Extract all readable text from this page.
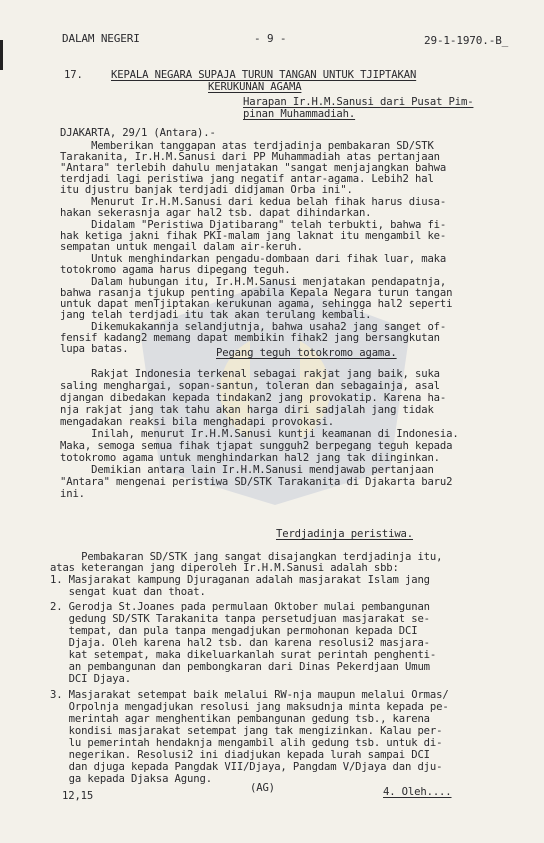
DALAM NEGERI	- 9 -	29-1-1970.-B_
17.	KEPALA NEGARA SUPAJA TURUN TANGAN UNTUK TJIPTAKAN
KERUKUNAN AGAMA
Harapan Ir.H.M.Sanusi dari Pusat Pim-
pinan Muhammadiah.
DJAKARTA, 29/1 (Antara).-
Memberikan tanggapan atas terdjadinja pembakaran SD/STK
Tarakanita, Ir.H.M.Sanusi dari PP Muhammadiah atas pertanjaan
"Antara" terlebih dahulu menjatakan "sangat menjajangkan bahwa
terdjadi lagi peristiwa jang negatif antar-agama. Lebih2 hal
itu djustru banjak terdjadi didjaman Orba ini".
Menurut Ir.H.M.Sanusi dari kedua belah fihak harus diusa-
hakan sekerasnja agar hal2 tsb. dapat dihindarkan.
Didalam "Peristiwa Djatibarang" telah terbukti, bahwa fi-
hak ketiga jakni fihak PKI-malam jang laknat itu mengambil ke-
sempatan untuk mengail dalam air-keruh.
Untuk menghindarkan pengadu-dombaan dari fihak luar, maka
totokromo agama harus dipegang teguh.
Dalam hubungan itu, Ir.H.M.Sanusi menjatakan pendapatnja,
bahwa rasanja tjukup penting apabila Kepala Negara turun tangan
untuk dapat menTjiptakan kerukunan agama, sehingga hal2 seperti
jang telah terdjadi itu tak akan terulang kembali.
Dikemukakannja selandjutnja, bahwa usaha2 jang sanget of-
fensif kadang2 memang dapat membikin fihak2 jang bersangkutan
lupa batas.	Pegang teguh totokromo agama.
Rakjat Indonesia terkenal sebagai rakjat jang baik, suka
saling menghargai, sopan-santun, toleran dan sebagainja, asal
djangan dibedakan kepada tindakan2 jang provokatip. Karena ha-
nja rakjat jang tak tahu akan harga diri sadjalah jang tidak
mengadakan reaksi bila menghadapi provokasi.
Inilah, menurut Ir.H.M.Sanusi kuntji keamanan di Indonesia.
Maka, semoga semua fihak tjapat sungguh2 berpegang teguh kepada
totokromo agama untuk menghindarkan hal2 jang tak diinginkan.
Demikian antara lain Ir.H.M.Sanusi mendjawab pertanjaan
"Antara" mengenai peristiwa SD/STK Tarakanita di Djakarta baru2
ini.
Terdjadinja peristiwa.
Pembakaran SD/STK jang sangat disajangkan terdjadinja itu,
atas keterangan jang diperoleh Ir.H.M.Sanusi adalah sbb:
1. Masjarakat kampung Djuraganan adalah masjarakat Islam jang
sengat kuat dan thoat.
2. Gerodja St.Joanes pada permulaan Oktober mulai pembangunan
gedung SD/STK Tarakanita tanpa persetudjuan masjarakat se-
tempat, dan pula tanpa mengadjukan permohonan kepada DCI
Djaja. Oleh karena hal2 tsb. dan karena resolusi2 masjara-
kat setempat, maka dikeluarkanlah surat perintah penghenti-
an pembangunan dan pembongkaran dari Dinas Pekerdjaan Umum
DCI Djaya.
3. Masjarakat setempat baik melalui RW-nja maupun melalui Ormas/
Orpolnja mengadjukan resolusi jang maksudnja minta kepada pe-
merintah agar menghentikan pembangunan gedung tsb., karena
kondisi masjarakat setempat jang tak mengizinkan. Kalau per-
lu pemerintah hendaknja mengambil alih gedung tsb. untuk di-
negerikan. Resolusi2 ini diadjukan kepada lurah sampai DCI
dan djuga kepada Pangdak VII/Djaya, Pangdam V/Djaya dan dju-
ga kepada Djaksa Agung.
12,15
(AG)	4. Oleh....
